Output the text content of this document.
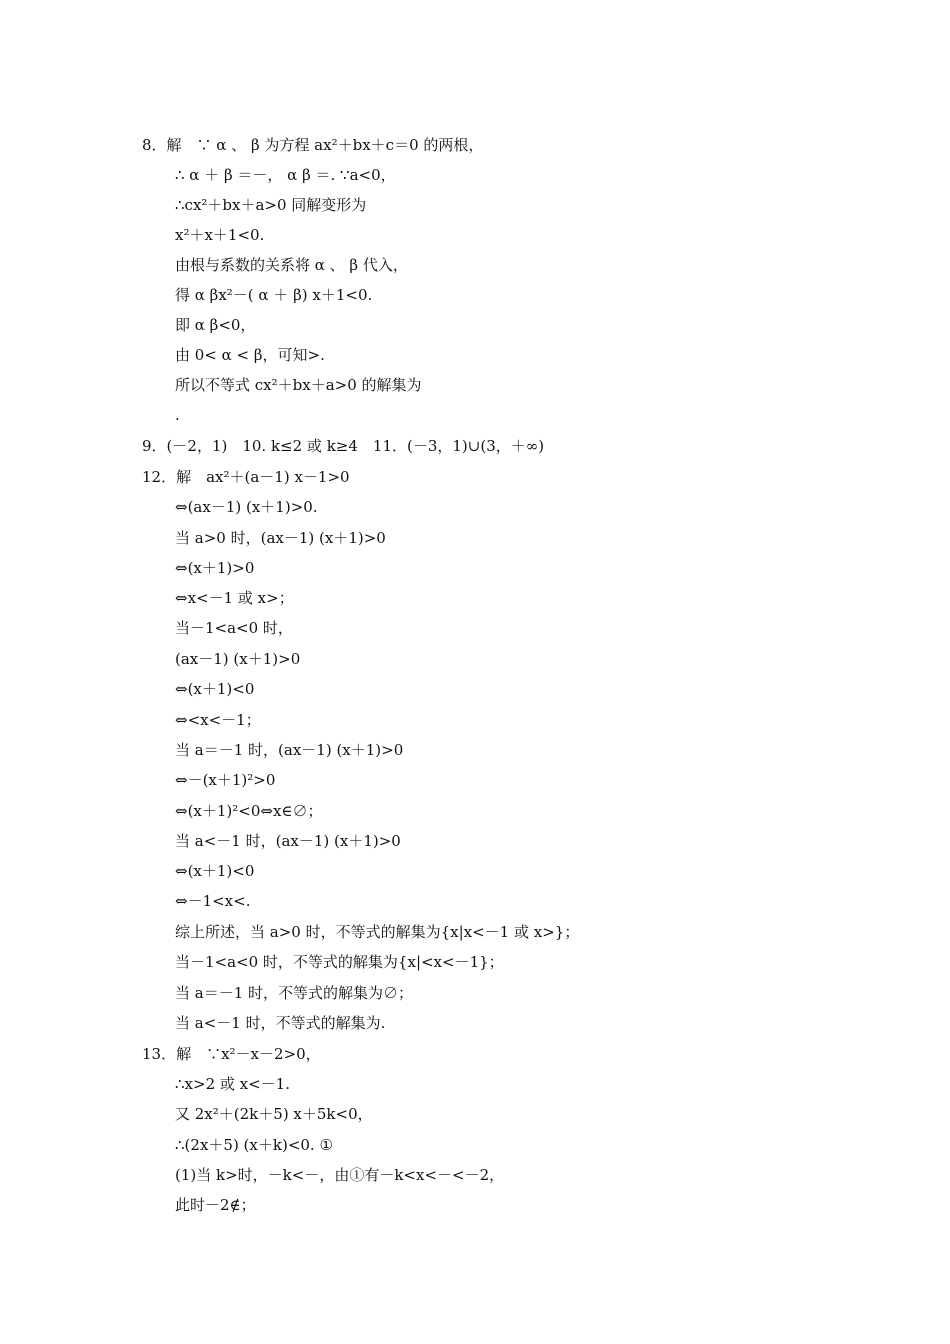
8．解　∵ α 、 β 为方程 ax²＋bx＋c＝0 的两根，
∴ α ＋ β ＝－， α β ＝. ∵a<0，
∴cx²＋bx＋a>0 同解变形为
x²＋x＋1<0.
由根与系数的关系将 α 、 β 代入，
得 α βx²－( α ＋ β) x＋1<0.
即 α β<0，
由 0< α < β，可知>.
所以不等式 cx²＋bx＋a>0 的解集为
.
9．(－2，1)　10. k≤2 或 k≥4　11．(－3，1)∪(3，＋∞)
12．解　ax²＋(a－1) x－1>0
⇔(ax－1) (x＋1)>0.
当 a>0 时，(ax－1) (x＋1)>0
⇔(x＋1)>0
⇔x<－1 或 x>；
当－1<a<0 时，
(ax－1) (x＋1)>0
⇔(x＋1)<0
⇔<x<－1；
当 a＝－1 时，(ax－1) (x＋1)>0
⇔－(x＋1)²>0
⇔(x＋1)²<0⇔x∈∅；
当 a<－1 时，(ax－1) (x＋1)>0
⇔(x＋1)<0
⇔－1<x<.
综上所述，当 a>0 时，不等式的解集为{x|x<－1 或 x>}；
当－1<a<0 时，不等式的解集为{x|<x<－1}；
当 a＝－1 时，不等式的解集为∅；
当 a<－1 时，不等式的解集为.
13．解　∵x²－x－2>0，
∴x>2 或 x<－1.
又 2x²＋(2k＋5) x＋5k<0，
∴(2x＋5) (x＋k)<0. ①
(1)当 k>时，－k<－，由①有－k<x<－<－2，
此时－2∉；
